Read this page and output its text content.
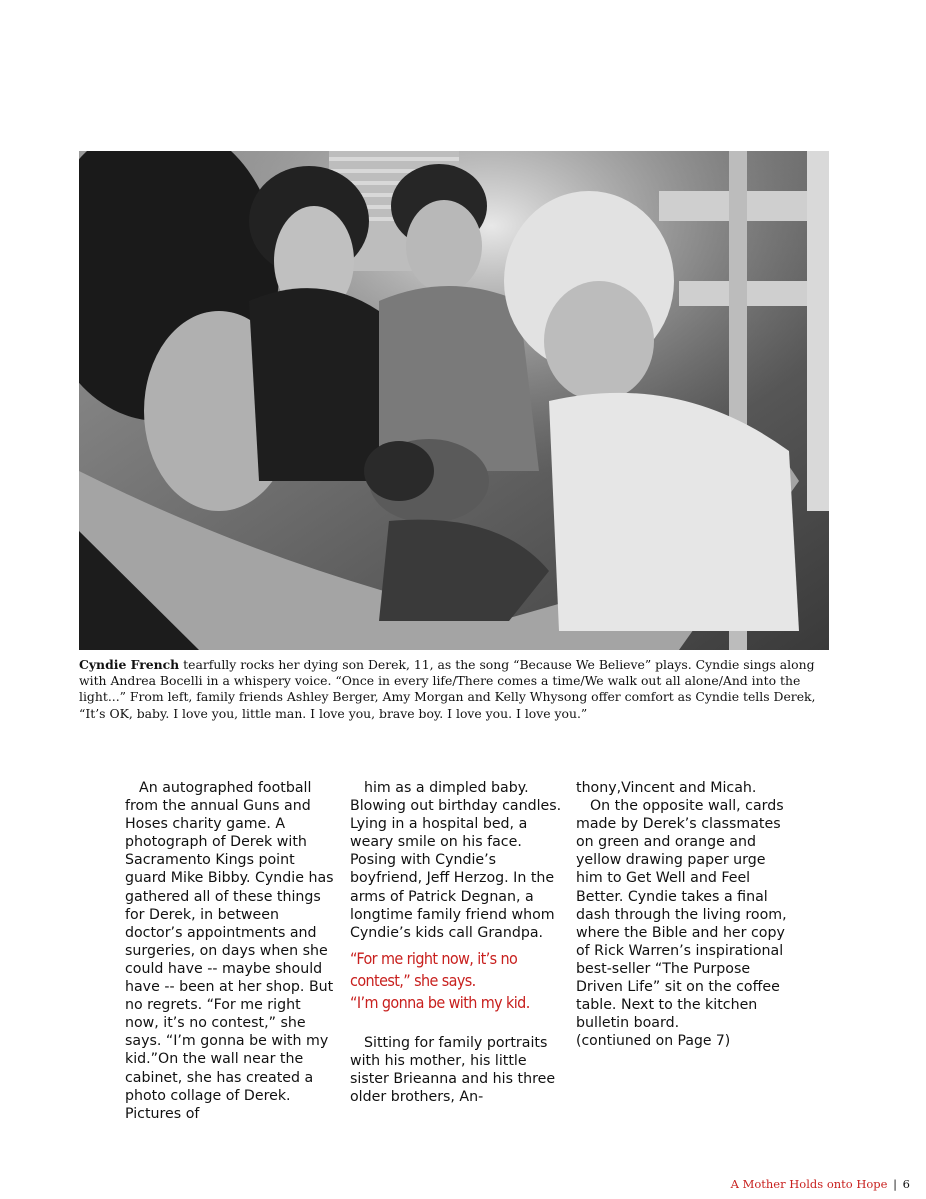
Cyndie French tearfully rocks her dying son Derek, 11, as the song “Because We Believe” plays. Cyndie sings along with Andrea Bocelli in a whispery voice. “Once in every life/There comes a time/We walk out all alone/And into the light...” From left, family friends Ashley Berger, Amy Morgan and Kelly Whysong offer comfort as Cyndie tells Derek, “It’s OK, baby. I love you, little man. I love you, brave boy. I love you. I love you.”

An autographed football from the annual Guns and Hoses charity game. A photograph of Derek with Sacramento Kings point guard Mike Bibby. Cyndie has gathered all of these things for Derek, in between doctor’s appointments and surgeries, on days when she could have -- maybe should have -- been at her shop. But no regrets. “For me right now, it’s no contest,” she says. “I’m gonna be with my kid.”On the wall near the cabinet, she has created a photo collage of Derek. Pictures of

him as a dimpled baby. Blowing out birthday candles. Lying in a hospital bed, a weary smile on his face. Posing with Cyndie’s boyfriend, Jeff Herzog. In the arms of Patrick Degnan, a longtime family friend whom Cyndie’s kids call Grandpa.

“For me right now, it’s no contest,” she says.
“I’m gonna be with my kid.

Sitting for family portraits with his mother, his little sister Brieanna and his three older brothers, An-

thony,Vincent and Micah.

On the opposite wall, cards made by Derek’s classmates on green and orange and yellow drawing paper urge him to Get Well and Feel Better. Cyndie takes a final dash through the living room, where the Bible and her copy of Rick Warren’s inspirational best-seller “The Purpose Driven Life” sit on the coffee table. Next to the kitchen bulletin board.

(contiuned on Page 7)

A Mother Holds onto Hope | 6
